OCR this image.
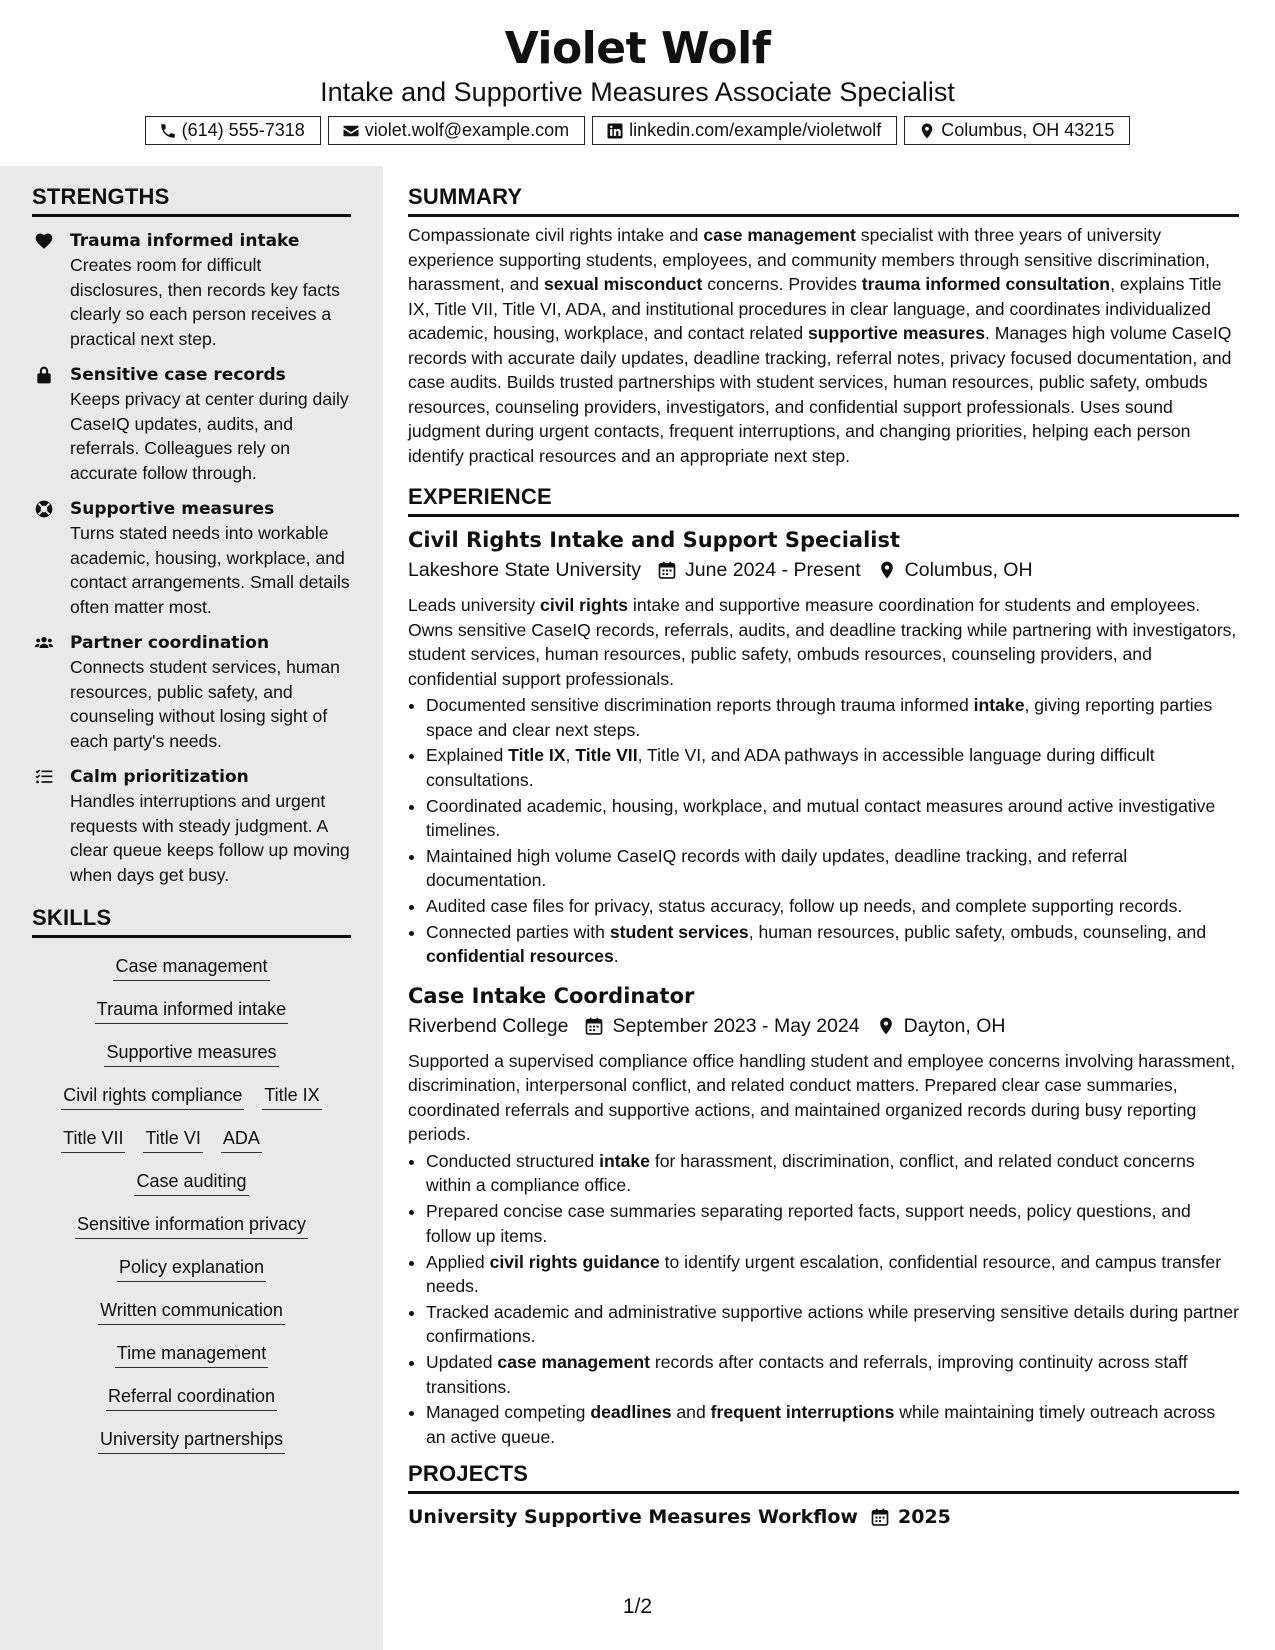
Violet Wolf
Intake and Supportive Measures Associate Specialist
(614) 555-7318	violet.wolf@example.com	linkedin.com/example/violetwolf	Columbus, OH 43215
STRENGTHS
Trauma informed intake
Creates room for difficult disclosures, then records key facts clearly so each person receives a practical next step.
Sensitive case records
Keeps privacy at center during daily CaseIQ updates, audits, and referrals. Colleagues rely on accurate follow through.
Supportive measures
Turns stated needs into workable academic, housing, workplace, and contact arrangements. Small details often matter most.
Partner coordination
Connects student services, human resources, public safety, and counseling without losing sight of each party's needs.
Calm prioritization
Handles interruptions and urgent requests with steady judgment. A clear queue keeps follow up moving when days get busy.
SKILLS
Case management
Trauma informed intake
Supportive measures
Civil rights compliance Title IX
Title VII Title VI ADA
Case auditing
Sensitive information privacy
Policy explanation
Written communication
Time management
Referral coordination
University partnerships
SUMMARY
Compassionate civil rights intake and case management specialist with three years of university experience supporting students, employees, and community members through sensitive discrimination, harassment, and sexual misconduct concerns. Provides trauma informed consultation, explains Title IX, Title VII, Title VI, ADA, and institutional procedures in clear language, and coordinates individualized academic, housing, workplace, and contact related supportive measures. Manages high volume CaseIQ records with accurate daily updates, deadline tracking, referral notes, privacy focused documentation, and case audits. Builds trusted partnerships with student services, human resources, public safety, ombuds resources, counseling providers, investigators, and confidential support professionals. Uses sound judgment during urgent contacts, frequent interruptions, and changing priorities, helping each person identify practical resources and an appropriate next step.
EXPERIENCE
Civil Rights Intake and Support Specialist
Lakeshore State University June 2024 - Present Columbus, OH
Leads university civil rights intake and supportive measure coordination for students and employees. Owns sensitive CaseIQ records, referrals, audits, and deadline tracking while partnering with investigators, student services, human resources, public safety, ombuds resources, counseling providers, and confidential support professionals.
• Documented sensitive discrimination reports through trauma informed intake, giving reporting parties space and clear next steps.
• Explained Title IX, Title VII, Title VI, and ADA pathways in accessible language during difficult consultations.
• Coordinated academic, housing, workplace, and mutual contact measures around active investigative timelines.
• Maintained high volume CaseIQ records with daily updates, deadline tracking, and referral documentation.
• Audited case files for privacy, status accuracy, follow up needs, and complete supporting records.
• Connected parties with student services, human resources, public safety, ombuds, counseling, and confidential resources.
Case Intake Coordinator
Riverbend College September 2023 - May 2024 Dayton, OH
Supported a supervised compliance office handling student and employee concerns involving harassment, discrimination, interpersonal conflict, and related conduct matters. Prepared clear case summaries, coordinated referrals and supportive actions, and maintained organized records during busy reporting periods.
• Conducted structured intake for harassment, discrimination, conflict, and related conduct concerns within a compliance office.
• Prepared concise case summaries separating reported facts, support needs, policy questions, and follow up items.
• Applied civil rights guidance to identify urgent escalation, confidential resource, and campus transfer needs.
• Tracked academic and administrative supportive actions while preserving sensitive details during partner confirmations.
• Updated case management records after contacts and referrals, improving continuity across staff transitions.
• Managed competing deadlines and frequent interruptions while maintaining timely outreach across an active queue.
PROJECTS
University Supportive Measures Workflow 2025
1/2
